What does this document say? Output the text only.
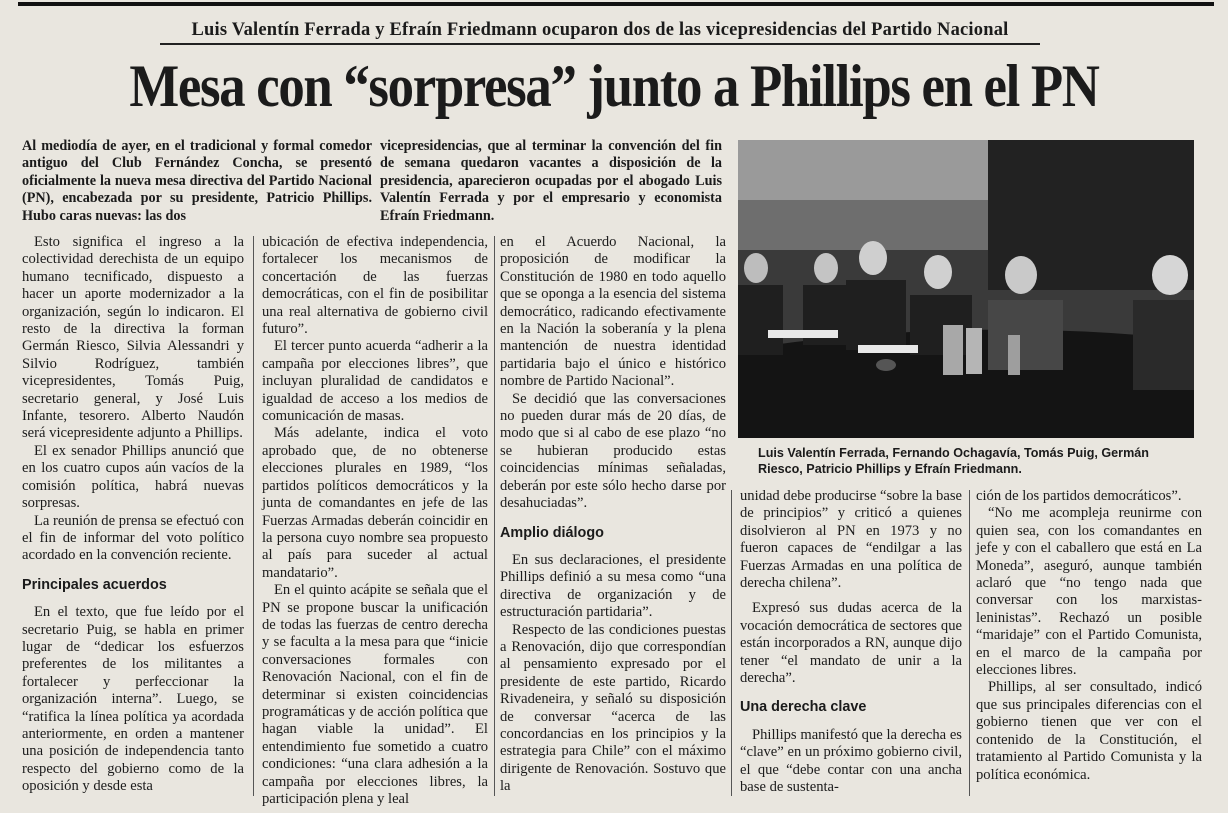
Luis Valentín Ferrada y Efraín Friedmann ocuparon dos de las vicepresidencias del Partido Nacional
Mesa con “sorpresa” junto a Phillips en el PN
Al mediodía de ayer, en el tradicional y formal comedor antiguo del Club Fernández Concha, se presentó oficialmente la nueva mesa directiva del Partido Nacional (PN), encabezada por su presidente, Patricio Phillips. Hubo caras nuevas: las dos
vicepresidencias, que al terminar la convención del fin de semana quedaron vacantes a disposición de la presidencia, aparecieron ocupadas por el abogado Luis Valentín Ferrada y por el empresario y economista Efraín Friedmann.
Luis Valentín Ferrada, Fernando Ochagavía, Tomás Puig, Germán Riesco, Patricio Phillips y Efraín Friedmann.

Esto significa el ingreso a la colectividad derechista de un equipo humano tecnificado, dispuesto a hacer un aporte modernizador a la organización, según lo indicaron. El resto de la directiva la forman Germán Riesco, Silvia Alessandri y Silvio Rodríguez, también vicepresidentes, Tomás Puig, secretario general, y José Luis Infante, tesorero. Alberto Naudón será vicepresidente adjunto a Phillips.

El ex senador Phillips anunció que en los cuatro cupos aún vacíos de la comisión política, habrá nuevas sorpresas.

La reunión de prensa se efectuó con el fin de informar del voto político acordado en la convención reciente.

Principales acuerdos

En el texto, que fue leído por el secretario Puig, se habla en primer lugar de “dedicar los esfuerzos preferentes de los militantes a fortalecer y perfeccionar la organización interna”. Luego, se “ratifica la línea política ya acordada anteriormente, en orden a mantener una posición de independencia tanto respecto del gobierno como de la oposición y desde esta

ubicación de efectiva independencia, fortalecer los mecanismos de concertación de las fuerzas democráticas, con el fin de posibilitar una real alternativa de gobierno civil futuro”.

El tercer punto acuerda “adherir a la campaña por elecciones libres”, que incluyan pluralidad de candidatos e igualdad de acceso a los medios de comunicación de masas.

Más adelante, indica el voto aprobado que, de no obtenerse elecciones plurales en 1989, “los partidos políticos democráticos y la junta de comandantes en jefe de las Fuerzas Armadas deberán coincidir en la persona cuyo nombre sea propuesto al país para suceder al actual mandatario”.

En el quinto acápite se señala que el PN se propone buscar la unificación de todas las fuerzas de centro derecha y se faculta a la mesa para que “inicie conversaciones formales con Renovación Nacional, con el fin de determinar si existen coincidencias programáticas y de acción política que hagan viable la unidad”. El entendimiento fue sometido a cuatro condiciones: “una clara adhesión a la campaña por elecciones libres, la participación plena y leal

en el Acuerdo Nacional, la proposición de modificar la Constitución de 1980 en todo aquello que se oponga a la esencia del sistema democrático, radicando efectivamente en la Nación la soberanía y la plena mantención de nuestra identidad partidaria bajo el único e histórico nombre de Partido Nacional”.

Se decidió que las conversaciones no pueden durar más de 20 días, de modo que si al cabo de ese plazo “no se hubieran producido estas coincidencias mínimas señaladas, deberán por este sólo hecho darse por desahuciadas”.

Amplio diálogo

En sus declaraciones, el presidente Phillips definió a su mesa como “una directiva de organización y de estructuración partidaria”.

Respecto de las condiciones puestas a Renovación, dijo que correspondían al pensamiento expresado por el presidente de este partido, Ricardo Rivadeneira, y señaló su disposición de conversar “acerca de las concordancias en los principios y la estrategia para Chile” con el máximo dirigente de Renovación. Sostuvo que la

unidad debe producirse “sobre la base de principios” y criticó a quienes disolvieron al PN en 1973 y no fueron capaces de “endilgar a las Fuerzas Armadas en una política de derecha chilena”.

Expresó sus dudas acerca de la vocación democrática de sectores que están incorporados a RN, aunque dijo tener “el mandato de unir a la derecha”.

Una derecha clave

Phillips manifestó que la derecha es “clave” en un próximo gobierno civil, el que “debe contar con una ancha base de sustenta-

ción de los partidos democráticos”.

“No me acompleja reunirme con quien sea, con los comandantes en jefe y con el caballero que está en La Moneda”, aseguró, aunque también aclaró que “no tengo nada que conversar con los marxistas-leninistas”. Rechazó un posible “maridaje” con el Partido Comunista, en el marco de la campaña por elecciones libres.

Phillips, al ser consultado, indicó que sus principales diferencias con el gobierno tienen que ver con el contenido de la Constitución, el tratamiento al Partido Comunista y la política económica.
